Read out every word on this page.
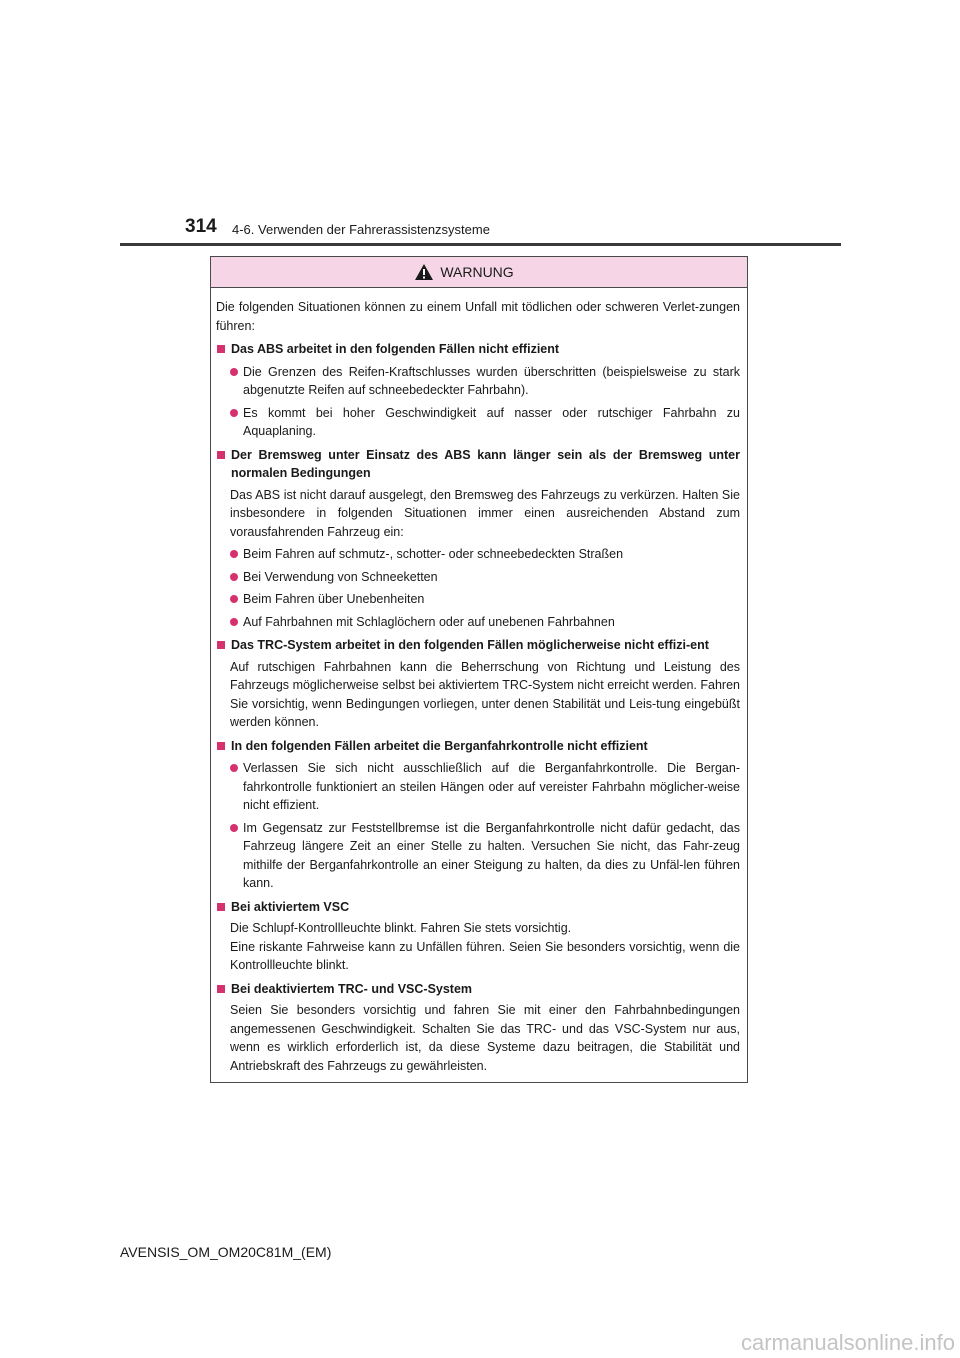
314 4-6. Verwenden der Fahrerassistenzsysteme
WARNUNG

Die folgenden Situationen können zu einem Unfall mit tödlichen oder schweren Verlet-zungen führen:

Das ABS arbeitet in den folgenden Fällen nicht effizient
Die Grenzen des Reifen-Kraftschlusses wurden überschritten (beispielsweise zu stark abgenutzte Reifen auf schneebedeckter Fahrbahn).
Es kommt bei hoher Geschwindigkeit auf nasser oder rutschiger Fahrbahn zu Aquaplaning.
Der Bremsweg unter Einsatz des ABS kann länger sein als der Bremsweg unter normalen Bedingungen
Das ABS ist nicht darauf ausgelegt, den Bremsweg des Fahrzeugs zu verkürzen. Halten Sie insbesondere in folgenden Situationen immer einen ausreichenden Abstand zum vorausfahrenden Fahrzeug ein:
Beim Fahren auf schmutz-, schotter- oder schneebedeckten Straßen
Bei Verwendung von Schneeketten
Beim Fahren über Unebenheiten
Auf Fahrbahnen mit Schlaglöchern oder auf unebenen Fahrbahnen
Das TRC-System arbeitet in den folgenden Fällen möglicherweise nicht effizi-ent
Auf rutschigen Fahrbahnen kann die Beherrschung von Richtung und Leistung des Fahrzeugs möglicherweise selbst bei aktiviertem TRC-System nicht erreicht werden. Fahren Sie vorsichtig, wenn Bedingungen vorliegen, unter denen Stabilität und Leis-tung eingebüßt werden können.
In den folgenden Fällen arbeitet die Berganfahrkontrolle nicht effizient
Verlassen Sie sich nicht ausschließlich auf die Berganfahrkontrolle. Die Bergan-fahrkontrolle funktioniert an steilen Hängen oder auf vereister Fahrbahn möglicher-weise nicht effizient.
Im Gegensatz zur Feststellbremse ist die Berganfahrkontrolle nicht dafür gedacht, das Fahrzeug längere Zeit an einer Stelle zu halten. Versuchen Sie nicht, das Fahr-zeug mithilfe der Berganfahrkontrolle an einer Steigung zu halten, da dies zu Unfäl-len führen kann.
Bei aktiviertem VSC
Die Schlupf-Kontrollleuchte blinkt. Fahren Sie stets vorsichtig.
Eine riskante Fahrweise kann zu Unfällen führen. Seien Sie besonders vorsichtig, wenn die Kontrollleuchte blinkt.
Bei deaktiviertem TRC- und VSC-System
Seien Sie besonders vorsichtig und fahren Sie mit einer den Fahrbahnbedingungen angemessenen Geschwindigkeit. Schalten Sie das TRC- und das VSC-System nur aus, wenn es wirklich erforderlich ist, da diese Systeme dazu beitragen, die Stabilität und Antriebskraft des Fahrzeugs zu gewährleisten.
AVENSIS_OM_OM20C81M_(EM)
carmanualsonline.info
